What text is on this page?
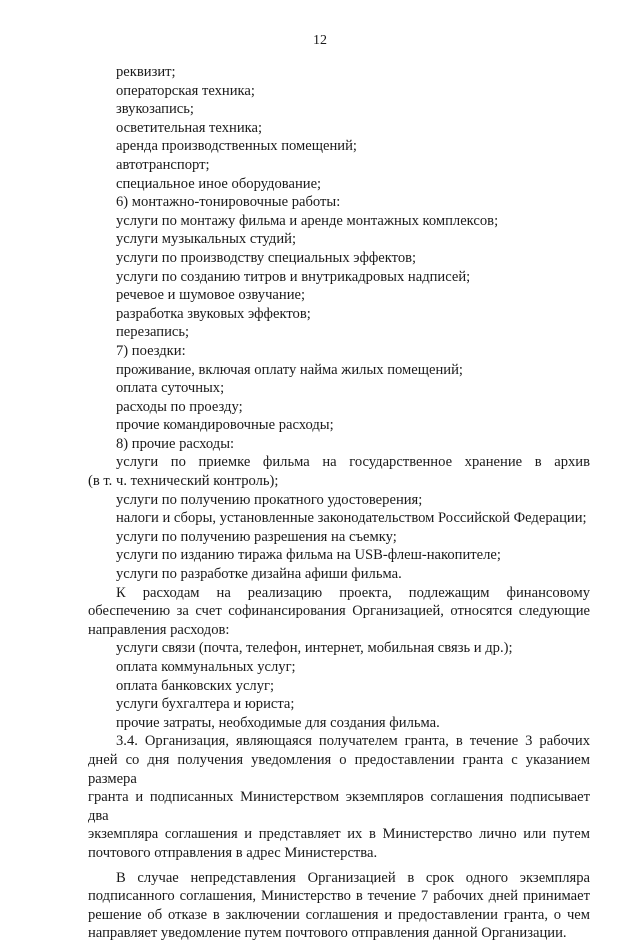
12
реквизит;
операторская техника;
звукозапись;
осветительная техника;
аренда производственных помещений;
автотранспорт;
специальное иное оборудование;
6) монтажно-тонировочные работы:
услуги по монтажу фильма и аренде монтажных комплексов;
услуги музыкальных студий;
услуги по производству специальных эффектов;
услуги по созданию титров и внутрикадровых надписей;
речевое и шумовое озвучание;
разработка звуковых эффектов;
перезапись;
7) поездки:
проживание, включая оплату найма жилых помещений;
оплата суточных;
расходы по проезду;
прочие командировочные расходы;
8) прочие расходы:
услуги по приемке фильма на государственное хранение в архив
(в т. ч. технический контроль);
услуги по получению прокатного удостоверения;
налоги и сборы, установленные законодательством Российской Федерации;
услуги по получению разрешения на съемку;
услуги по изданию тиража фильма на USB-флеш-накопителе;
услуги по разработке дизайна афиши фильма.
К расходам на реализацию проекта, подлежащим финансовому
обеспечению за счет софинансирования Организацией, относятся следующие
направления расходов:
услуги связи (почта, телефон, интернет, мобильная связь и др.);
оплата коммунальных услуг;
оплата банковских услуг;
услуги бухгалтера и юриста;
прочие затраты, необходимые для создания фильма.
3.4. Организация, являющаяся получателем гранта, в течение 3 рабочих
дней со дня получения уведомления о предоставлении гранта с указанием размера
гранта и подписанных Министерством экземпляров соглашения подписывает два
экземпляра соглашения и представляет их в Министерство лично или путем
почтового отправления в адрес Министерства.
В случае непредставления Организацией в срок одного экземпляра
подписанного соглашения, Министерство в течение 7 рабочих дней принимает
решение об отказе в заключении соглашения и предоставлении гранта, о чем
направляет уведомление путем почтового отправления данной Организации.
